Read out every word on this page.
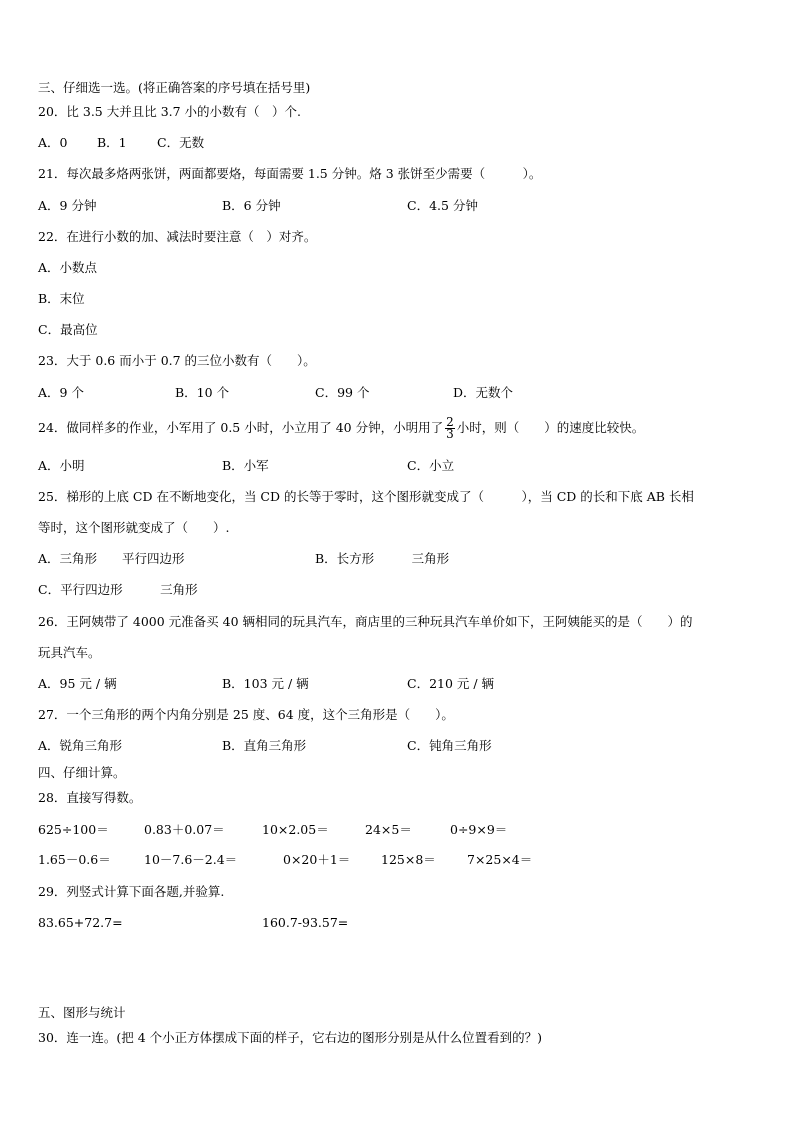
三、仔细选一选。(将正确答案的序号填在括号里)
20．比 3.5 大并且比 3.7 小的小数有（　）个.
A．0 B．1 C．无数
21．每次最多烙两张饼，两面都要烙，每面需要 1.5 分钟。烙 3 张饼至少需要（　　　）。
A．9 分钟	B．6 分钟	C．4.5 分钟
22．在进行小数的加、减法时要注意（　）对齐。
A．小数点
B．末位
C．最高位
23．大于 0.6 而小于 0.7 的三位小数有（　　）。
A．9 个	B．10 个	C．99 个	D．无数个
24．做同样多的作业，小军用了 0.5 小时，小立用了 40 分钟，小明用了 $\frac{2}{3}$ 小时，则（　　）的速度比较快。
A．小明	B．小军	C．小立
25．梯形的上底 CD 在不断地变化，当 CD 的长等于零时，这个图形就变成了（　　　），当 CD 的长和下底 AB 长相
等时，这个图形就变成了（　　）.
A．三角形　　平行四边形	B．长方形　　　三角形
C．平行四边形　　　三角形
26．王阿姨带了 4000 元准备买 40 辆相同的玩具汽车，商店里的三种玩具汽车单价如下，王阿姨能买的是（　　）的
玩具汽车。
A．95 元 / 辆	B．103 元 / 辆	C．210 元 / 辆
27．一个三角形的两个内角分别是 25 度、64 度，这个三角形是（　　）。
A．锐角三角形	B．直角三角形	C．钝角三角形
四、仔细计算。
28．直接写得数。
625÷100＝	0.83＋0.07＝	10×2.05＝	24×5＝	0÷9×9＝
1.65－0.6＝	10－7.6－2.4＝	0×20＋1＝ 125×8＝ 7×25×4＝
29．列竖式计算下面各题,并验算.
83.65+72.7=	160.7-93.57=
五、图形与统计
30．连一连。(把 4 个小正方体摆成下面的样子，它右边的图形分别是从什么位置看到的？)
